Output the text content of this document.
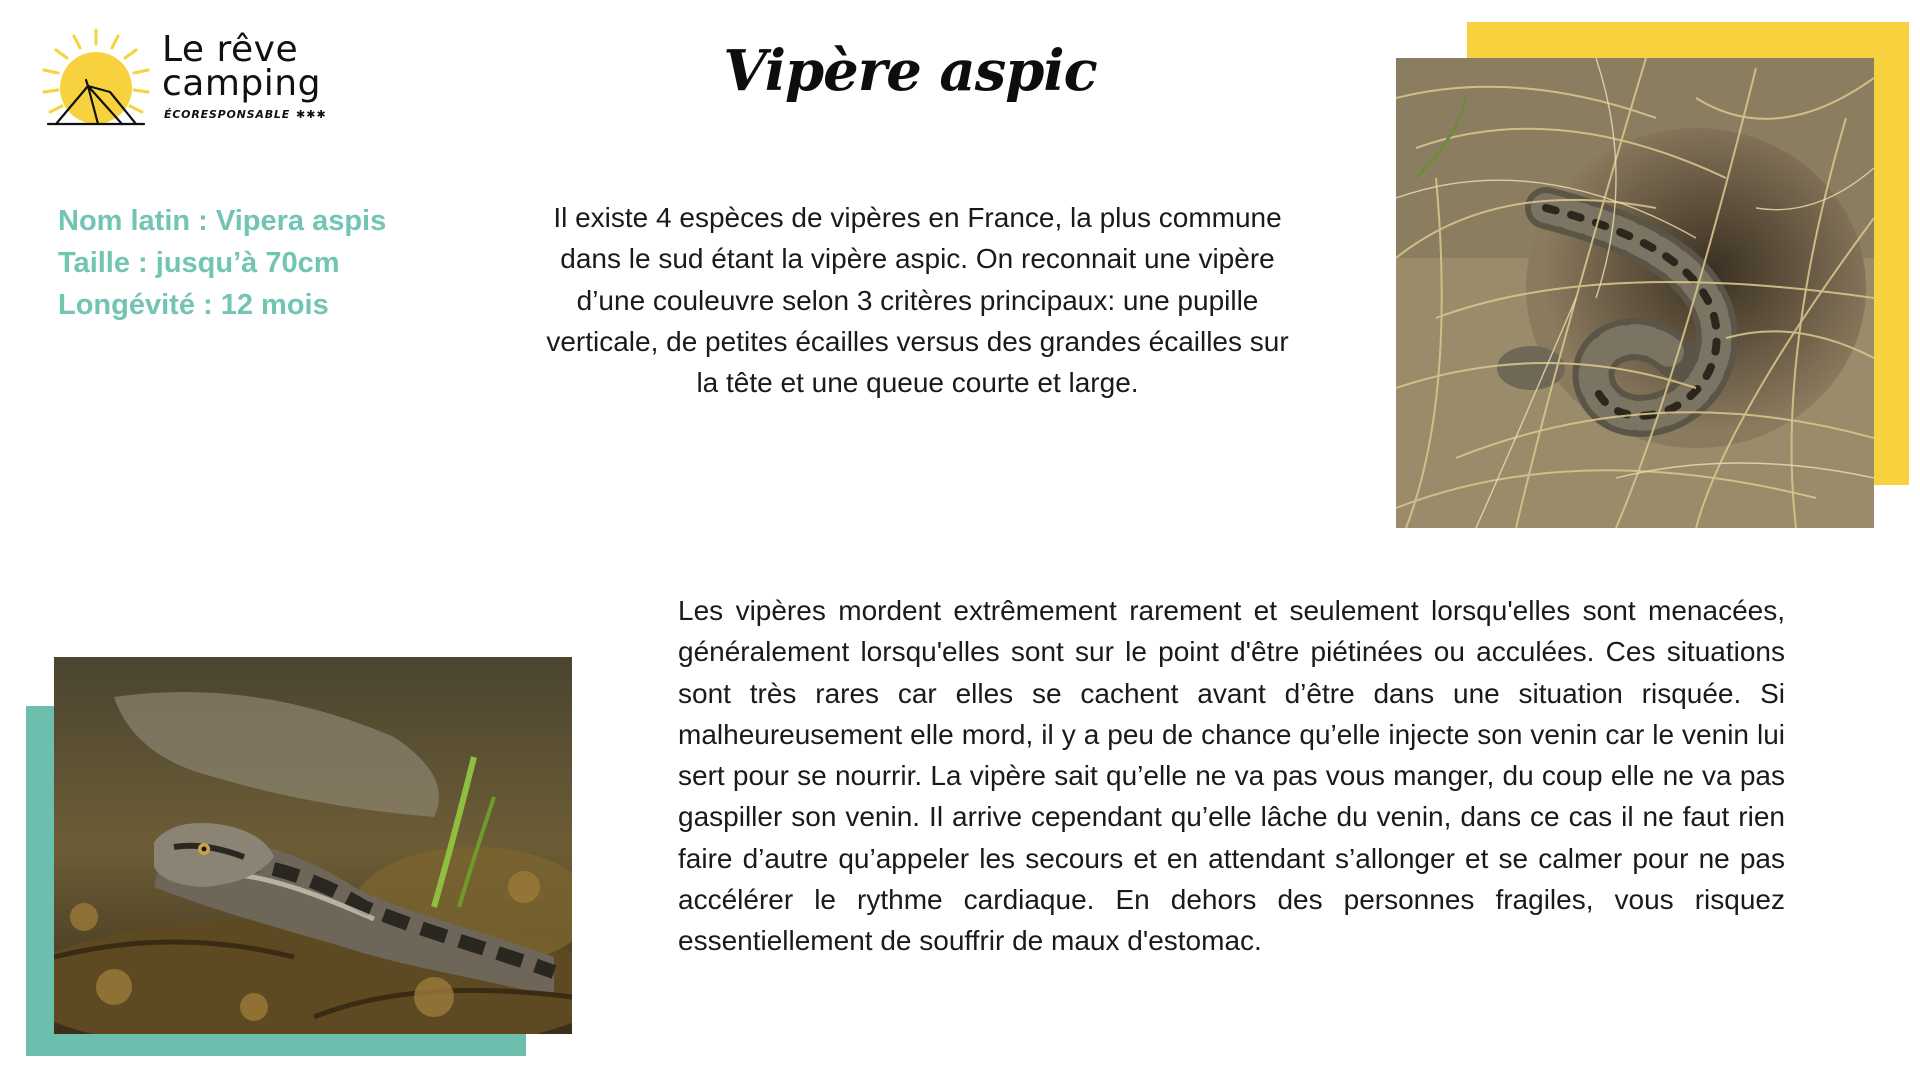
Le rêve
camping
ÉCORESPONSABLE ✱✱✱
Vipère aspic
Nom latin : Vipera aspis
Taille : jusqu’à 70cm
Longévité : 12 mois
Il existe 4 espèces de vipères en France, la plus commune dans le sud étant la vipère aspic. On reconnait une vipère d’une couleuvre selon 3 critères principaux: une pupille verticale, de petites écailles versus des grandes écailles sur la tête et une queue courte et large.
Les vipères mordent extrêmement rarement et seulement lorsqu'elles sont menacées, généralement lorsqu'elles sont sur le point d'être piétinées ou acculées. Ces situations sont très rares car elles se cachent avant d’être dans une situation risquée. Si malheureusement elle mord, il y a peu de chance qu’elle injecte son venin car le venin lui sert pour se nourrir. La vipère sait qu’elle ne va pas vous manger, du coup elle ne va pas gaspiller son venin. Il arrive cependant qu’elle lâche du venin, dans ce cas il ne faut rien faire d’autre qu’appeler les secours et en attendant s’allonger et se calmer pour ne pas accélérer le rythme cardiaque. En dehors des personnes fragiles, vous risquez essentiellement de souffrir de maux d'estomac.
